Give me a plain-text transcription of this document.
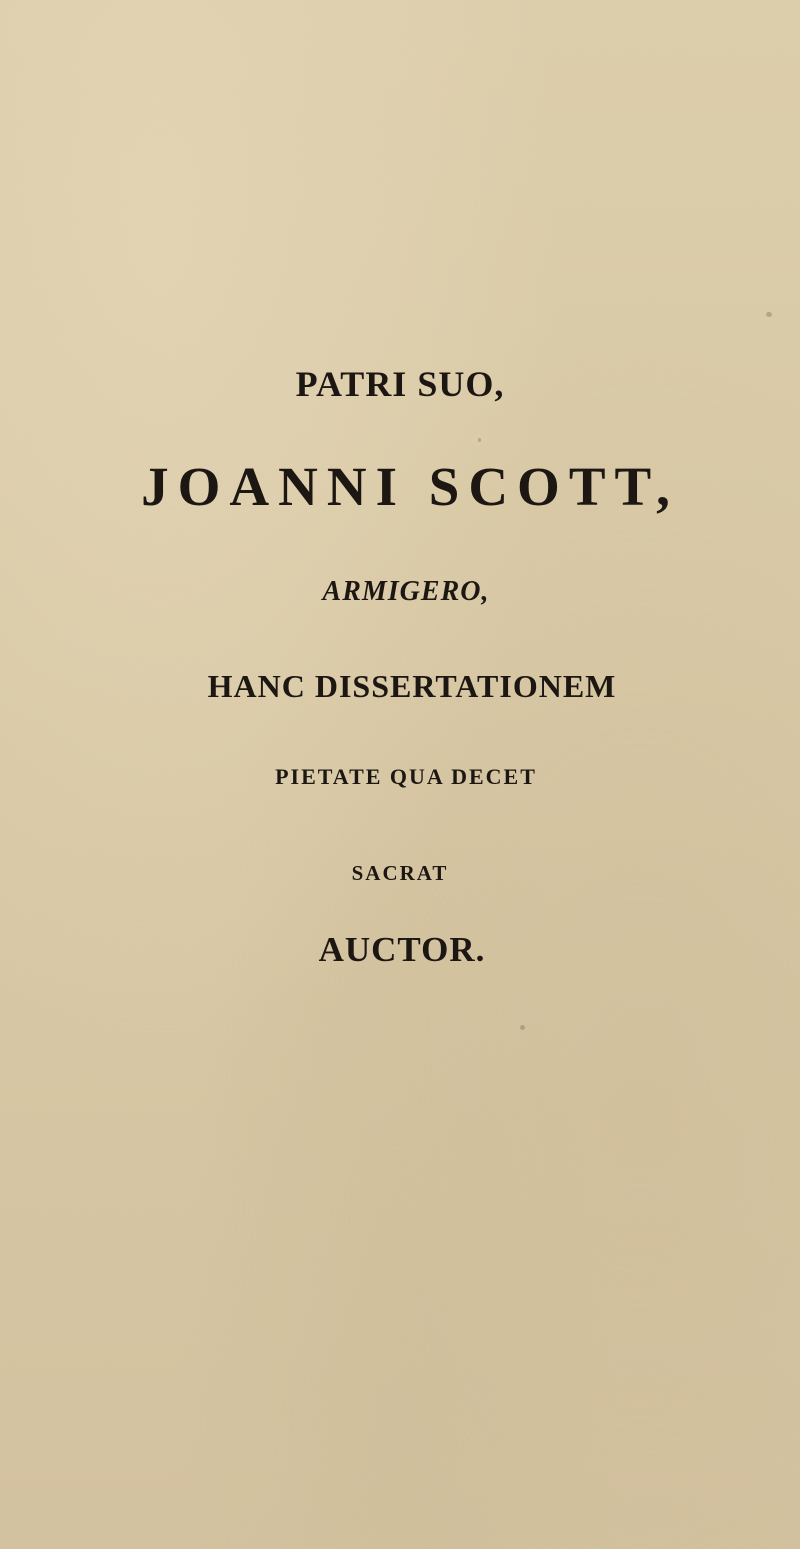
PATRI SUO,
JOANNI SCOTT,
ARMIGERO,
HANC DISSERTATIONEM
PIETATE QUA DECET
SACRAT
AUCTOR.
